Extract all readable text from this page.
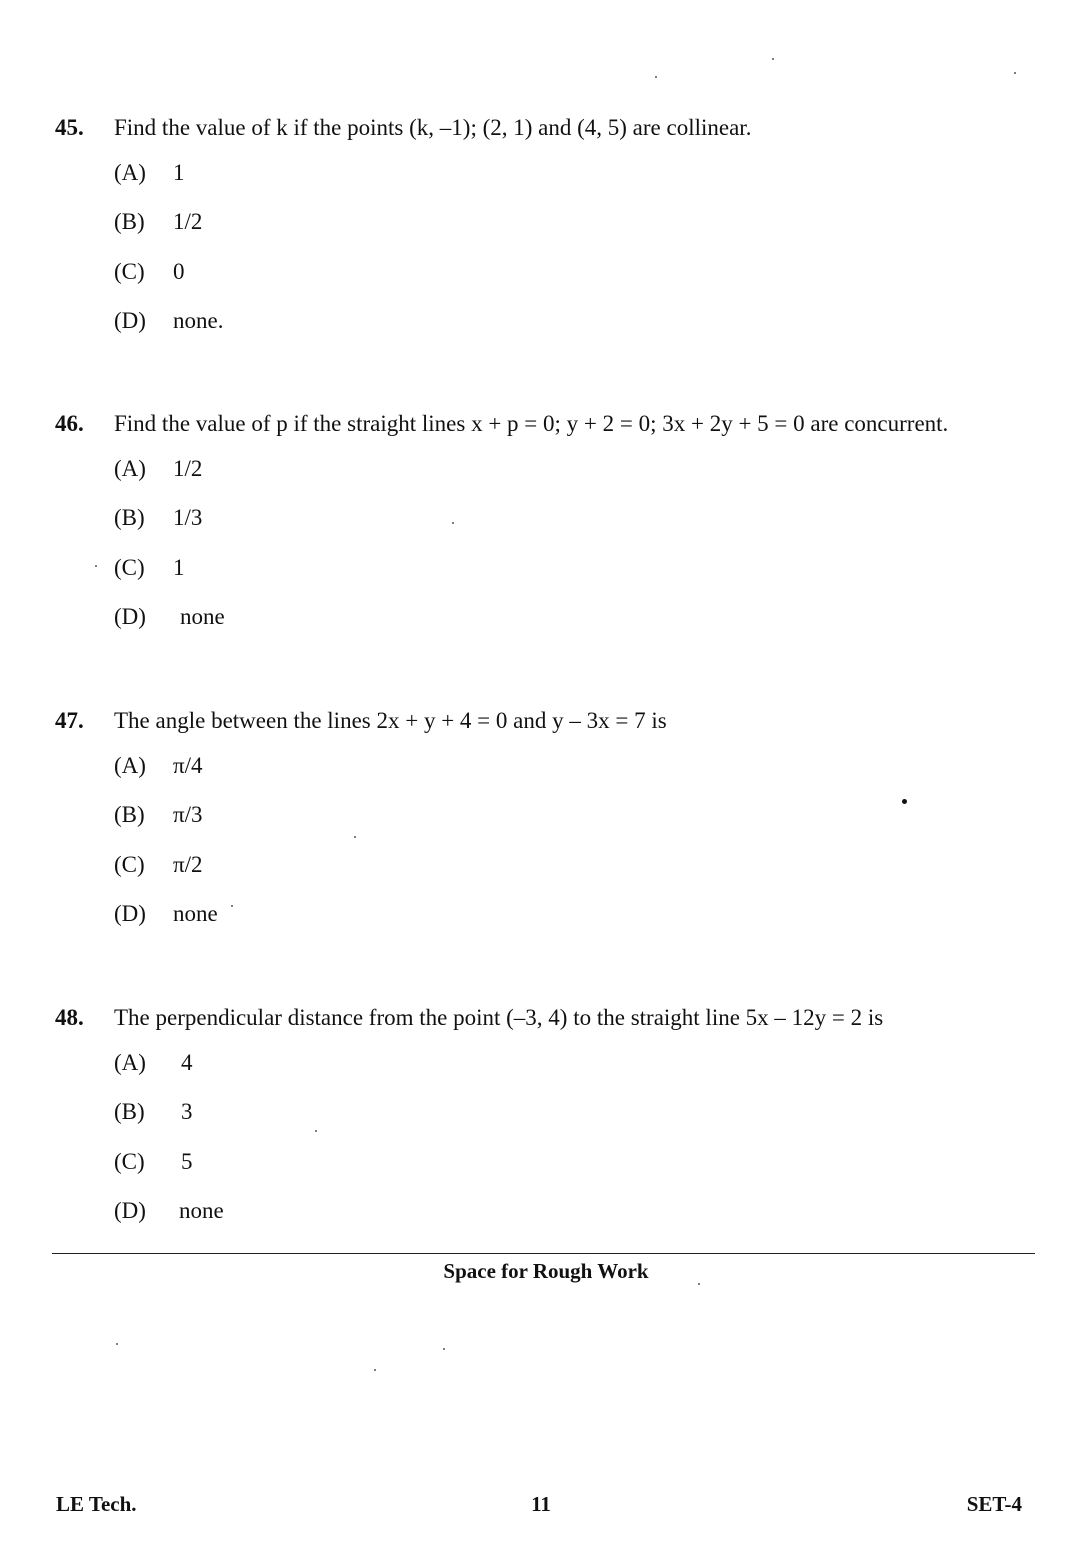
45. Find the value of k if the points (k, –1); (2, 1) and (4, 5) are collinear.
(A) 1
(B) 1/2
(C) 0
(D) none.
46. Find the value of p if the straight lines x + p = 0; y + 2 = 0; 3x + 2y + 5 = 0 are concurrent.
(A) 1/2
(B) 1/3
(C) 1
(D) none
47. The angle between the lines 2x + y + 4 = 0 and y – 3x = 7 is
(A) π/4
(B) π/3
(C) π/2
(D) none
48. The perpendicular distance from the point (–3, 4) to the straight line 5x – 12y = 2 is
(A) 4
(B) 3
(C) 5
(D) none
Space for Rough Work
LE Tech.	11	SET-4
